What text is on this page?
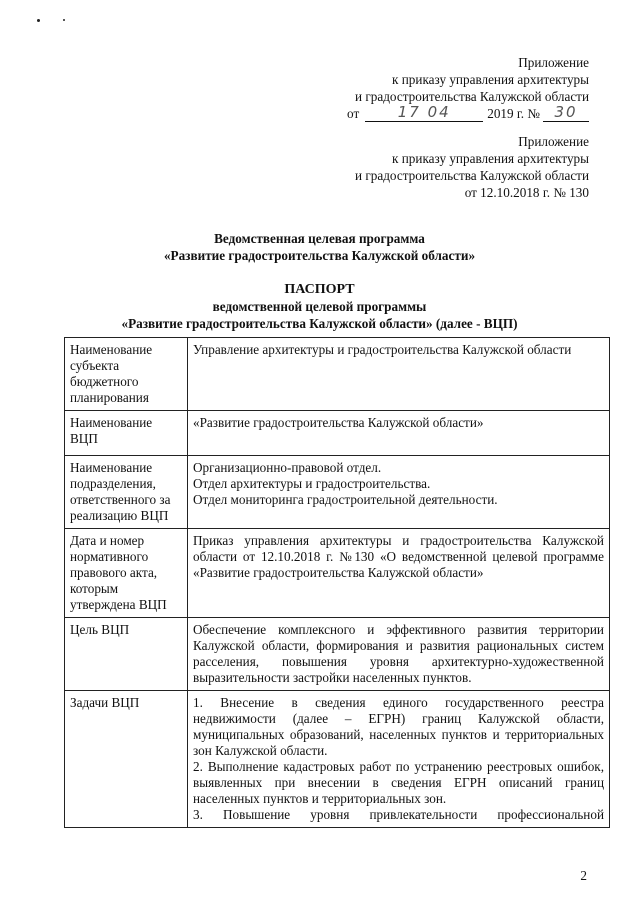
Приложение
к приказу управления архитектуры
и градостроительства Калужской области
от	17 04	2019 г. № 30
Приложение
к приказу управления архитектуры
и градостроительства Калужской области
от 12.10.2018 г. № 130
Ведомственная целевая программа
«Развитие градостроительства Калужской области»
ПАСПОРТ
ведомственной целевой программы
«Развитие градостроительства Калужской области» (далее - ВЦП)
Наименование
субъекта
бюджетного
планирования	Управление архитектуры и градостроительства Калужской области

Наименование
ВЦП	«Развитие градостроительства Калужской области»

Наименование
подразделения,
ответственного за
реализацию ВЦП	Организационно-правовой отдел.
Отдел архитектуры и градостроительства.
Отдел мониторинга градостроительной деятельности.

Дата и номер
нормативного
правового акта,
которым
утверждена ВЦП	Приказ управления архитектуры и градостроительства Калужской области от 12.10.2018 г. №130 «О ведомственной целевой программе «Развитие градостроительства Калужской области»

Цель ВЦП	Обеспечение комплексного и эффективного развития территории Калужской области, формирования и развития рациональных систем расселения, повышения уровня архитектурно-художественной выразительности застройки населенных пунктов.

Задачи ВЦП	1. Внесение в сведения единого государственного реестра недвижимости (далее – ЕГРН) границ Калужской области, муниципальных образований, населенных пунктов и территориальных зон Калужской области.
2. Выполнение кадастровых работ по устранению реестровых ошибок, выявленных при внесении в сведения ЕГРН описаний границ населенных пунктов и территориальных зон.
3. Повышение уровня привлекательности профессиональной
2
